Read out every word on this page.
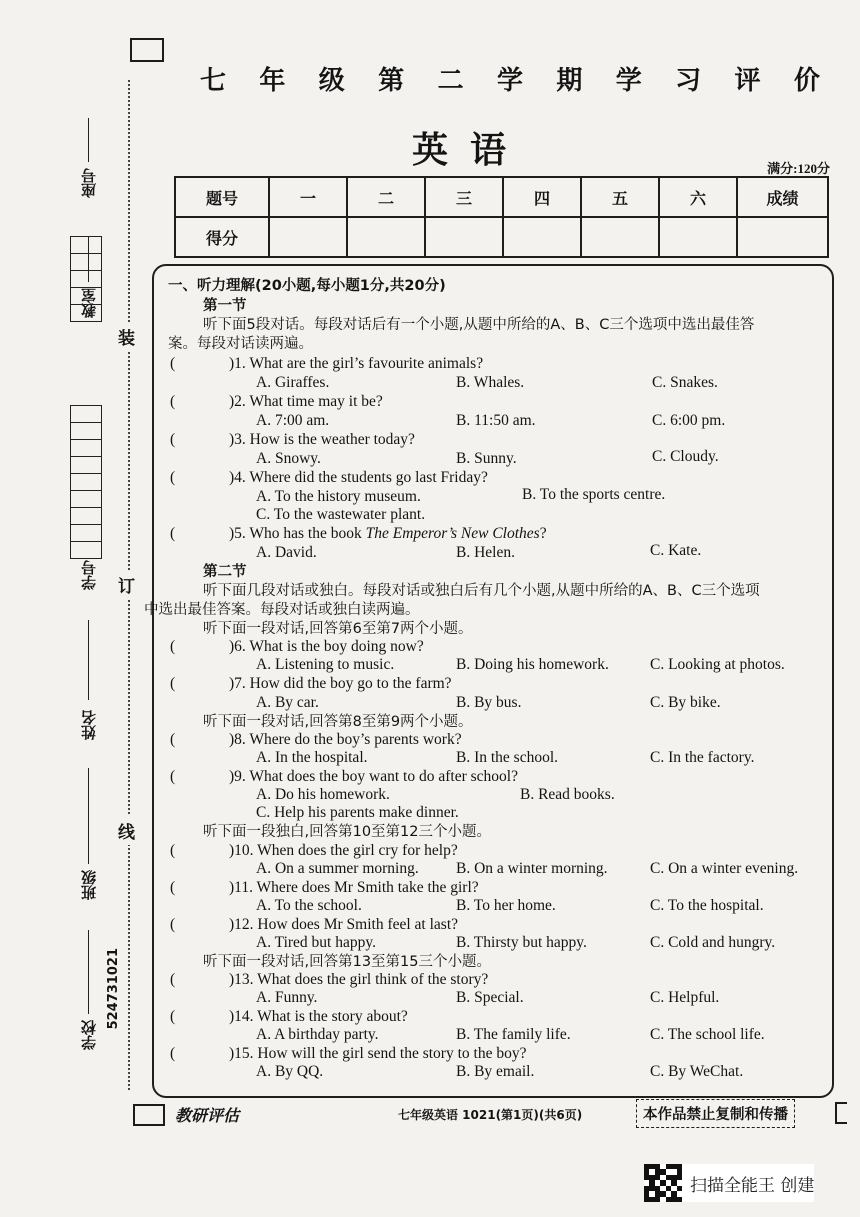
装
订
线
座号
教室
学号
姓名
班级
学校
524731021
七 年 级 第 二 学 期 学 习 评 价
英语	满分:120分
题号	一	二	三	四	五	六	成绩
得分							
一、听力理解(20小题,每小题1分,共20分)
第一节
听下面5段对话。每段对话后有一个小题,从题中所给的A、B、C三个选项中选出最佳答
案。每段对话读两遍。
(	)1. What are the girl’s favourite animals?
A. Giraffes.	B. Whales.	C. Snakes.
(	)2. What time may it be?
A. 7:00 am.	B. 11:50 am.	C. 6:00 pm.
(	)3. How is the weather today?
A. Snowy.	B. Sunny.	C. Cloudy.
(	)4. Where did the students go last Friday?
A. To the history museum.	B. To the sports centre.
C. To the wastewater plant.
(	)5. Who has the book The Emperor’s New Clothes?
A. David.	B. Helen.	C. Kate.
第二节
听下面几段对话或独白。每段对话或独白后有几个小题,从题中所给的A、B、C三个选项
中选出最佳答案。每段对话或独白读两遍。
听下面一段对话,回答第6至第7两个小题。
(	)6. What is the boy doing now?
A. Listening to music.	B. Doing his homework.	C. Looking at photos.
(	)7. How did the boy go to the farm?
A. By car.	B. By bus.	C. By bike.
听下面一段对话,回答第8至第9两个小题。
(	)8. Where do the boy’s parents work?
A. In the hospital.	B. In the school.	C. In the factory.
(	)9. What does the boy want to do after school?
A. Do his homework.	B. Read books.
C. Help his parents make dinner.
听下面一段独白,回答第10至第12三个小题。
(	)10. When does the girl cry for help?
A. On a summer morning. B. On a winter morning.	C. On a winter evening.
(	)11. Where does Mr Smith take the girl?
A. To the school.	B. To her home.	C. To the hospital.
(	)12. How does Mr Smith feel at last?
A. Tired but happy.	B. Thirsty but happy.	C. Cold and hungry.
听下面一段对话,回答第13至第15三个小题。
(	)13. What does the girl think of the story?
A. Funny.	B. Special.	C. Helpful.
(	)14. What is the story about?
A. A birthday party.	B. The family life.	C. The school life.
(	)15. How will the girl send the story to the boy?
A. By QQ.	B. By email.	C. By WeChat.
教研评估	七年级英语 1021(第1页)(共6页)	本作品禁止复制和传播
扫描全能王 创建
